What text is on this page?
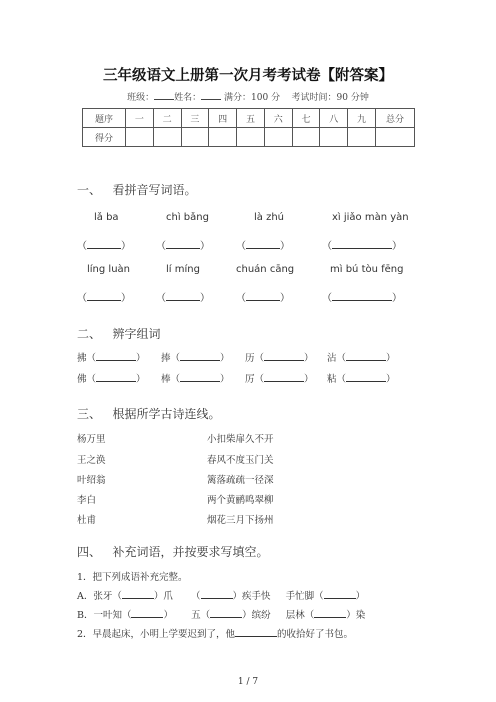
三年级语文上册第一次月考考试卷【附答案】
班级： 姓名：	满分：100 分 考试时间：90 分钟
题序	一	二	三	四	五	六	七	八	九	总分
得分										
一、 看拼音写词语。
lǎ ba	chì bǎng	là zhú	xì jiǎo màn yàn
（	）	（	）	（	）	（	）
líng luàn	lí míng	chuán cāng	mì bú tòu fēng
（	）	（	）	（	）	（	）
二、 辨字组词
拂（	） 捧（	） 历（	） 沾（	）
佛（	） 棒（	） 厉（	） 粘（	）
三、 根据所学古诗连线。
杨万里
王之涣
叶绍翁
李白
杜甫
小扣柴扉久不开
春风不度玉门关
篱落疏疏一径深
两个黄鹂鸣翠柳
烟花三月下扬州
四、 补充词语，并按要求写填空。
1．把下列成语补充完整。
A．张牙（	）爪 （	）疾手快 手忙脚（	）
B．一叶知（	） 五（	）缤纷 层林（	）染
2．早晨起床，小明上学要迟到了，他	的收拾好了书包。
1 / 7
